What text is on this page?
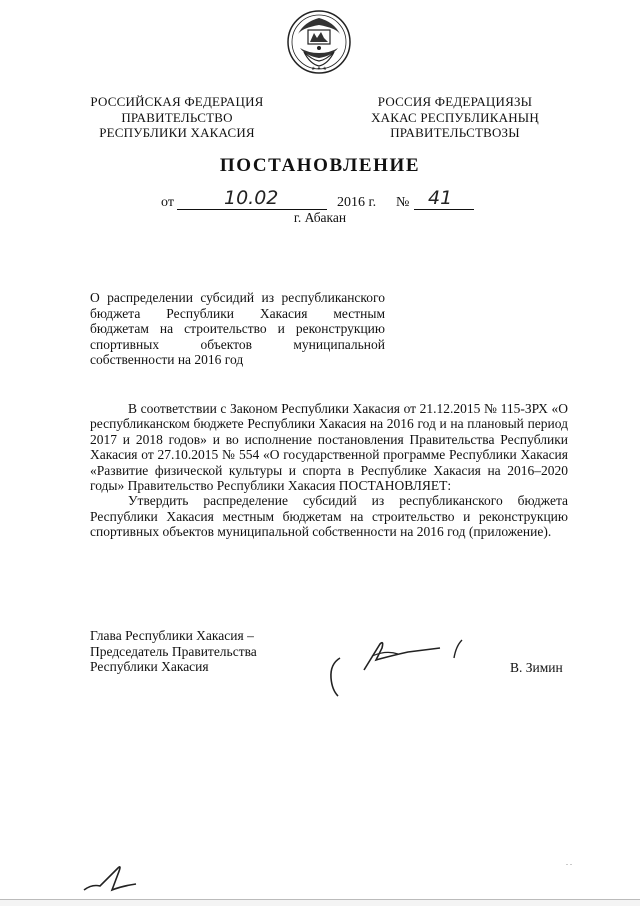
★ ✦ ★
РОССИЙСКАЯ ФЕДЕРАЦИЯ
ПРАВИТЕЛЬСТВО
РЕСПУБЛИКИ ХАКАСИЯ
РОССИЯ ФЕДЕРАЦИЯЗЫ
ХАКАС РЕСПУБЛИКАНЫҢ
ПРАВИТЕЛЬСТВОЗЫ
ПОСТАНОВЛЕНИЕ
от	10.02	2016 г. № 41
г. Абакан

О распределении субсидий из республиканского

бюджета Республики Хакасия местным

бюджетам на строительство и реконструкцию

спортивных объектов муниципальной

собственности на 2016 год

В соответствии с Законом Республики Хакасия от 21.12.2015 № 115-ЗРХ «О республиканском бюджете Республики Хакасия на 2016 год и на плановый период 2017 и 2018 годов» и во исполнение постановления Правительства Республики Хакасия от 27.10.2015 № 554 «О государственной программе Республики Хакасия «Развитие физической культуры и спорта в Республике Хакасия на 2016–2020 годы» Правительство Республики Хакасия ПОСТАНОВЛЯЕТ:

Утвердить распределение субсидий из республиканского бюджета Республики Хакасия местным бюджетам на строительство и реконструкцию спортивных объектов муниципальной собственности на 2016 год (приложение).

Глава Республики Хакасия –
Председатель Правительства
Республики Хакасия	В. Зимин
. .
